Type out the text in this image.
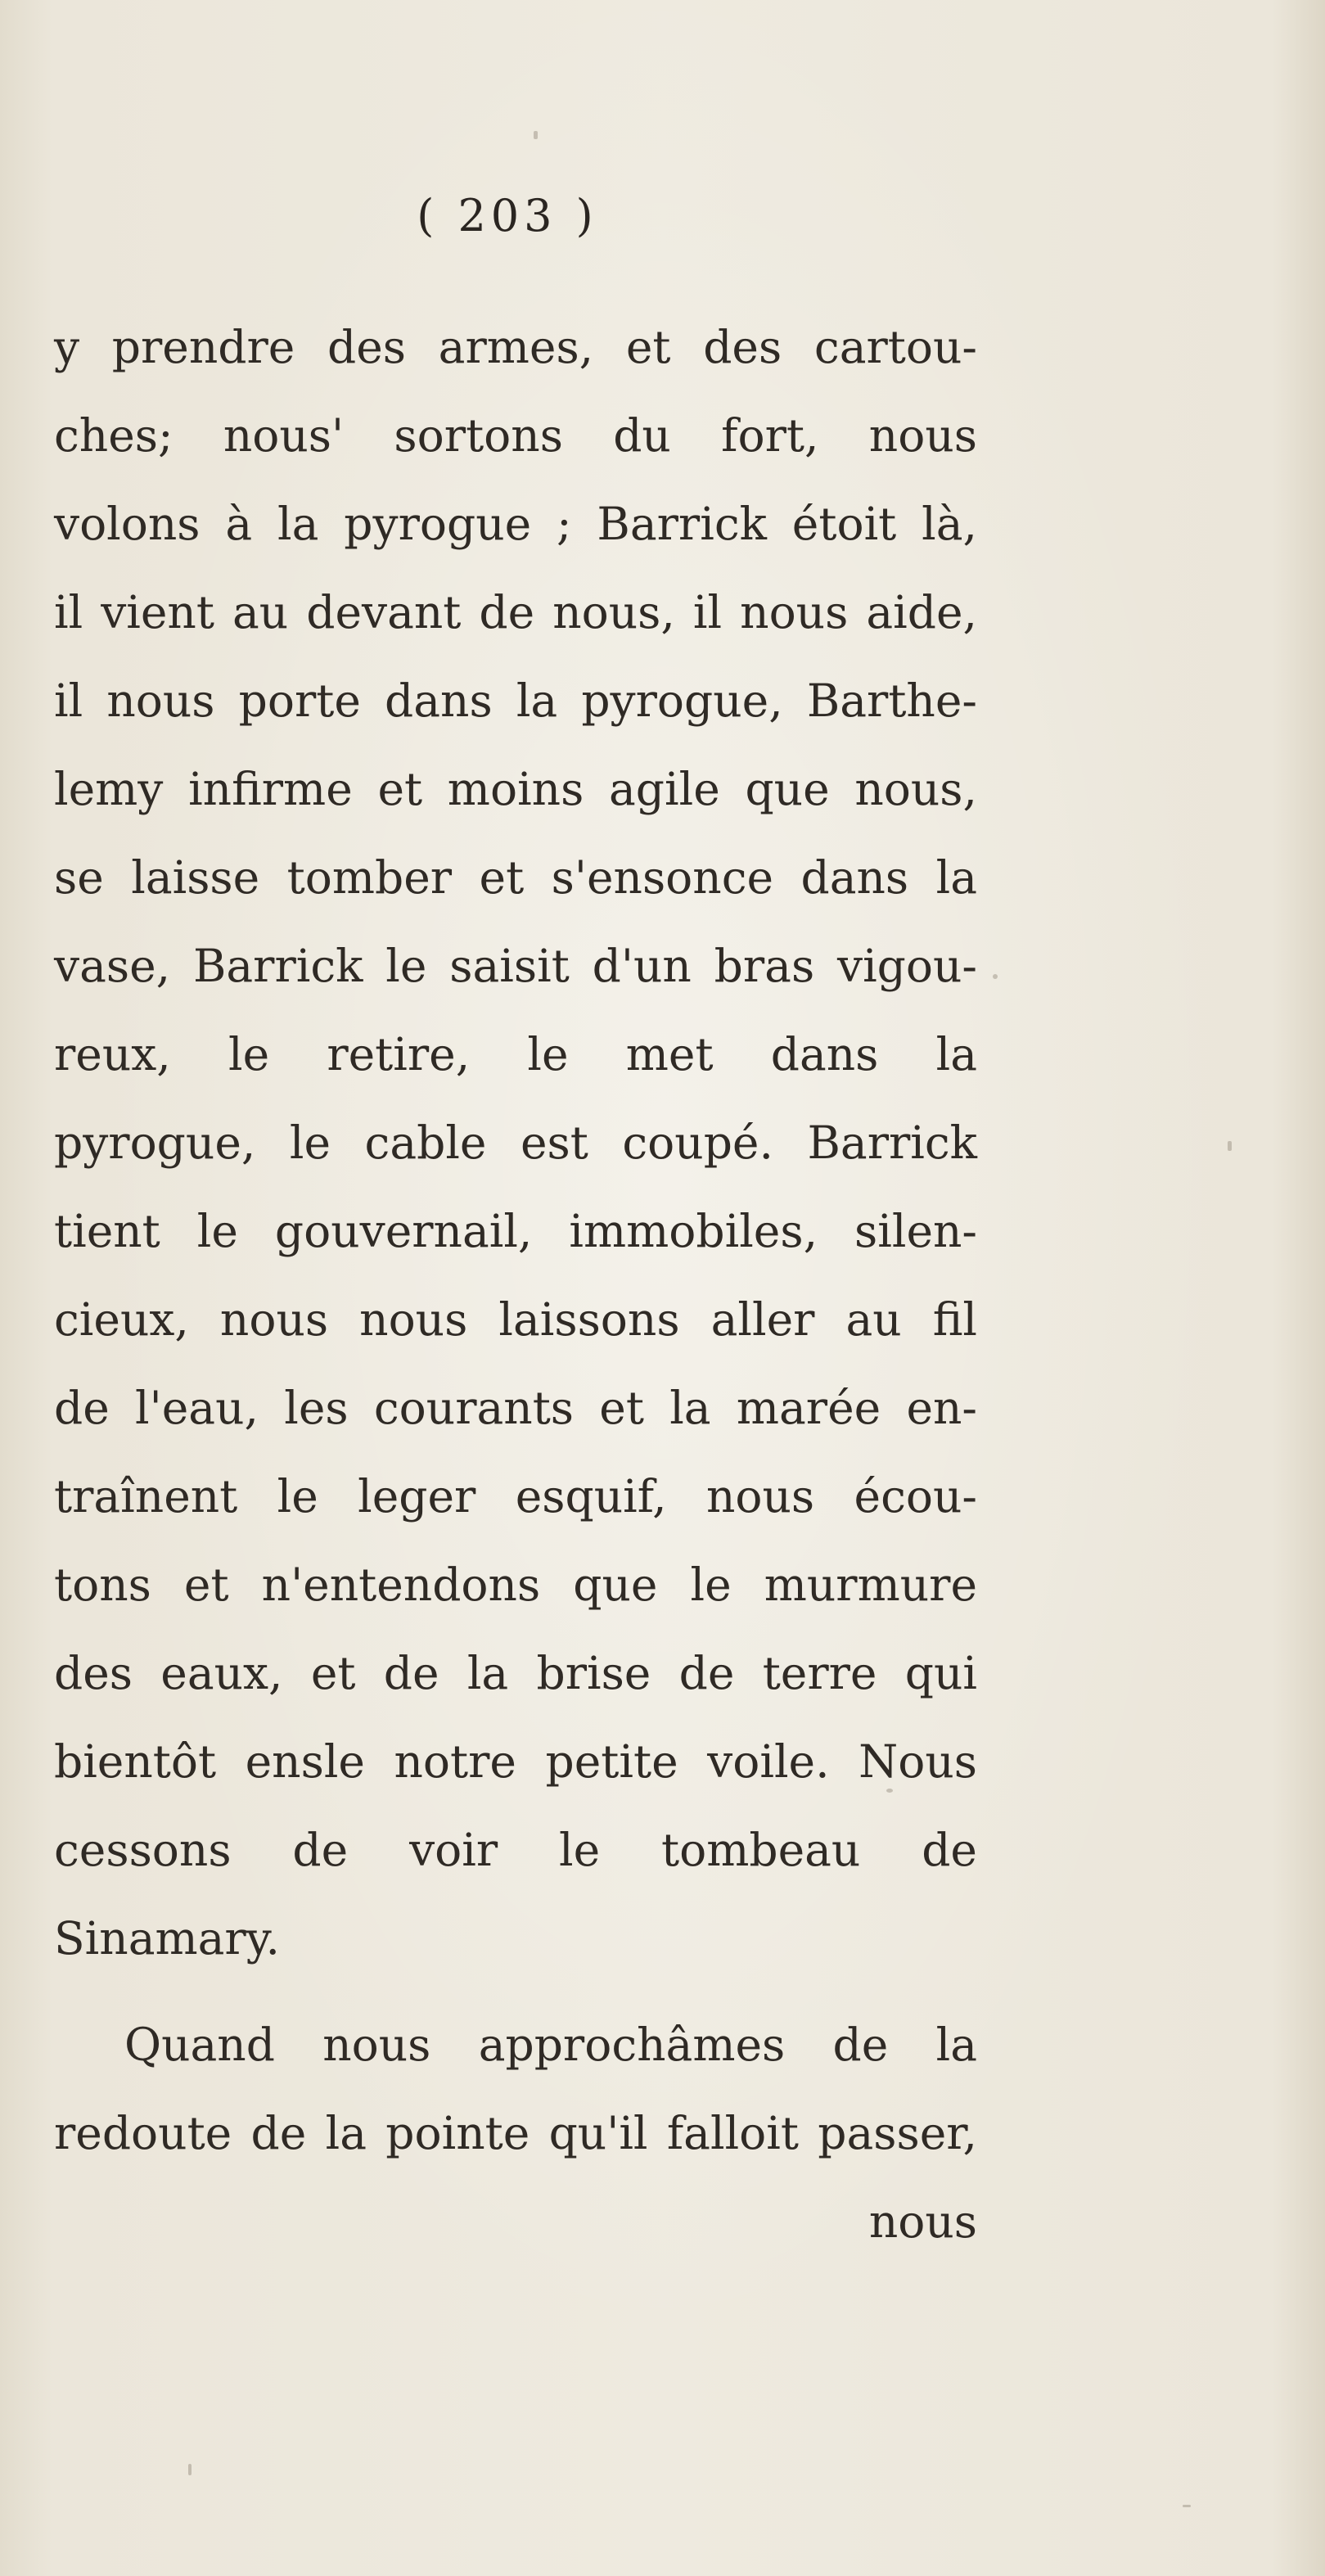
( 203 )
y prendre des armes, et des cartou-
ches; nous' sortons du fort, nous
volons à la pyrogue ; Barrick étoit là,
il vient au devant de nous, il nous aide,
il nous porte dans la pyrogue, Barthe-
lemy infirme et moins agile que nous,
se laisse tomber et s'ensonce dans la
vase, Barrick le saisit d'un bras vigou-
reux, le retire, le met dans la
pyrogue, le cable est coupé. Barrick
tient le gouvernail, immobiles, silen-
cieux, nous nous laissons aller au fil
de l'eau, les courants et la marée en-
traînent le leger esquif, nous écou-
tons et n'entendons que le murmure
des eaux, et de la brise de terre qui
bientôt ensle notre petite voile. Nous
cessons de voir le tombeau de
Sinamary.
Quand nous approchâmes de la
redoute de la pointe qu'il falloit passer,
nous
